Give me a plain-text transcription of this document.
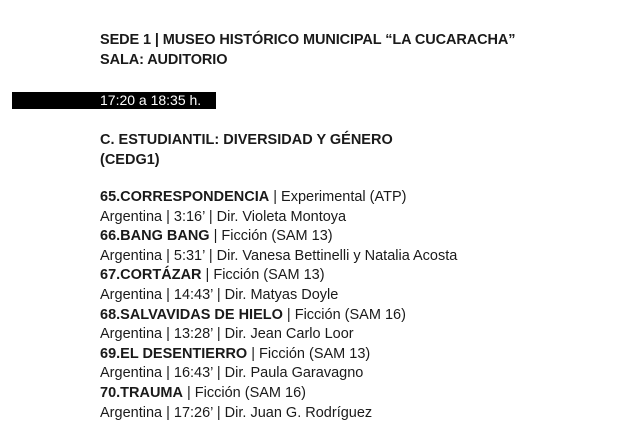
SEDE 1 | MUSEO HISTÓRICO MUNICIPAL “LA CUCARACHA”
SALA: AUDITORIO
17:20 a 18:35 h.
C. ESTUDIANTIL: DIVERSIDAD Y GÉNERO
(CEDG1)
65.CORRESPONDENCIA | Experimental (ATP)
Argentina | 3:16’ | Dir. Violeta Montoya
66.BANG BANG | Ficción (SAM 13)
Argentina | 5:31’ | Dir. Vanesa Bettinelli y Natalia Acosta
67.CORTÁZAR | Ficción (SAM 13)
Argentina | 14:43’ | Dir. Matyas Doyle
68.SALVAVIDAS DE HIELO | Ficción (SAM 16)
Argentina | 13:28’ | Dir. Jean Carlo Loor
69.EL DESENTIERRO | Ficción (SAM 13)
Argentina | 16:43’ | Dir. Paula Garavagno
70.TRAUMA | Ficción (SAM 16)
Argentina | 17:26’ | Dir. Juan G. Rodríguez
